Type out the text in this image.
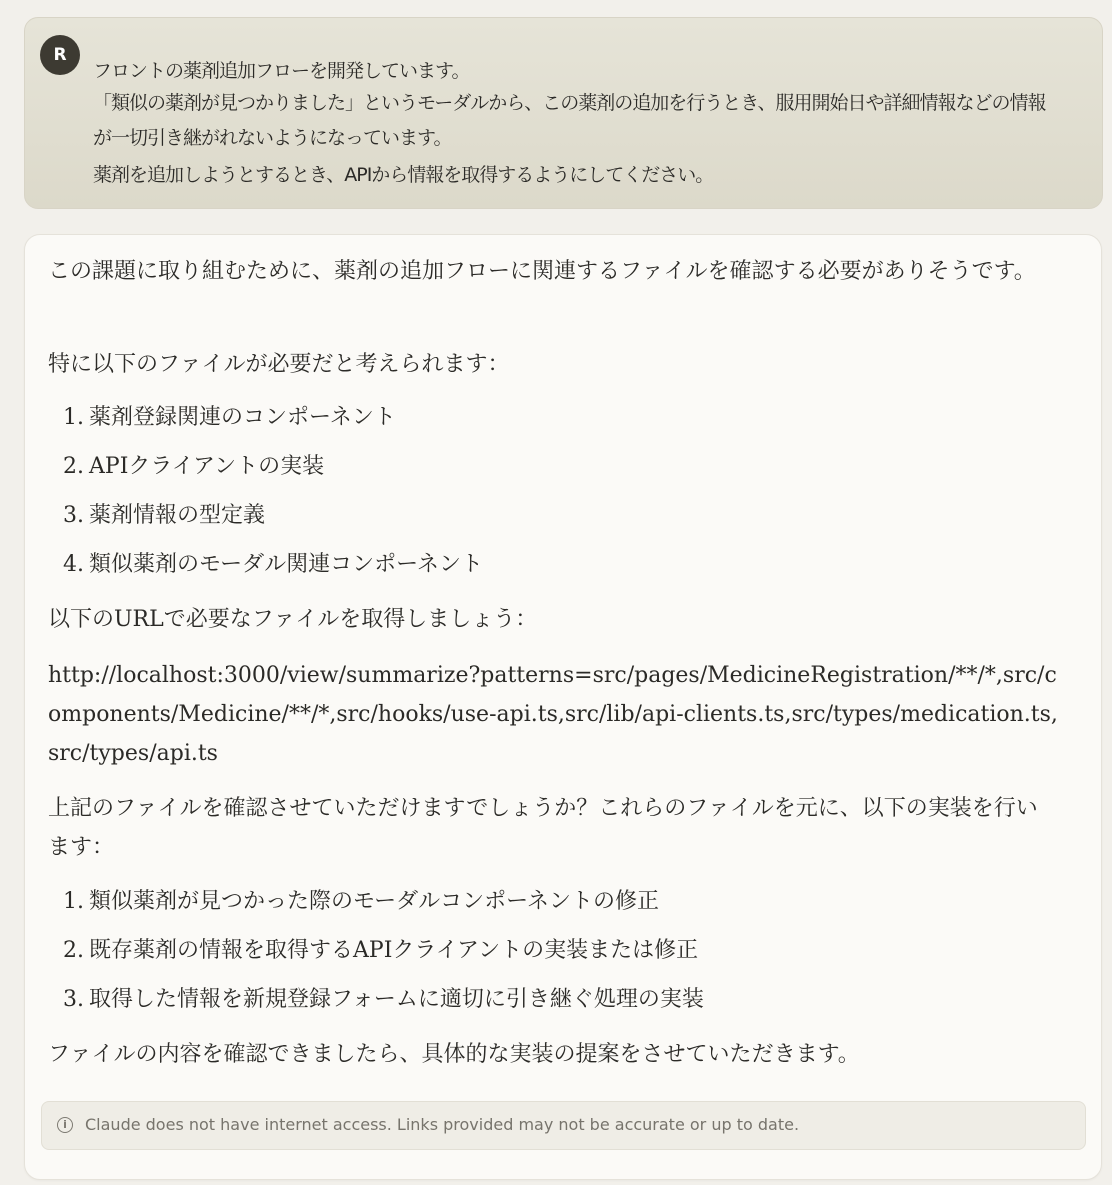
R
フロントの薬剤追加フローを開発しています。
「類似の薬剤が見つかりました」というモーダルから、この薬剤の追加を行うとき、服用開始日や詳細情報などの情報
が一切引き継がれないようになっています。
薬剤を追加しようとするとき、APIから情報を取得するようにしてください。

この課題に取り組むために、薬剤の追加フローに関連するファイルを確認する必要がありそうです。

特に以下のファイルが必要だと考えられます：

1. 薬剤登録関連のコンポーネント
2. APIクライアントの実装
3. 薬剤情報の型定義
4. 類似薬剤のモーダル関連コンポーネント

以下のURLで必要なファイルを取得しましょう：

http://localhost:3000/view/summarize?patterns=src/pages/MedicineRegistration/**/*,src/components/Medicine/**/*,src/hooks/use-api.ts,src/lib/api-clients.ts,src/types/medication.ts,src/types/api.ts

上記のファイルを確認させていただけますでしょうか？これらのファイルを元に、以下の実装を行います：

1. 類似薬剤が見つかった際のモーダルコンポーネントの修正
2. 既存薬剤の情報を取得するAPIクライアントの実装または修正
3. 取得した情報を新規登録フォームに適切に引き継ぐ処理の実装

ファイルの内容を確認できましたら、具体的な実装の提案をさせていただきます。

i	Claude does not have internet access. Links provided may not be accurate or up to date.
